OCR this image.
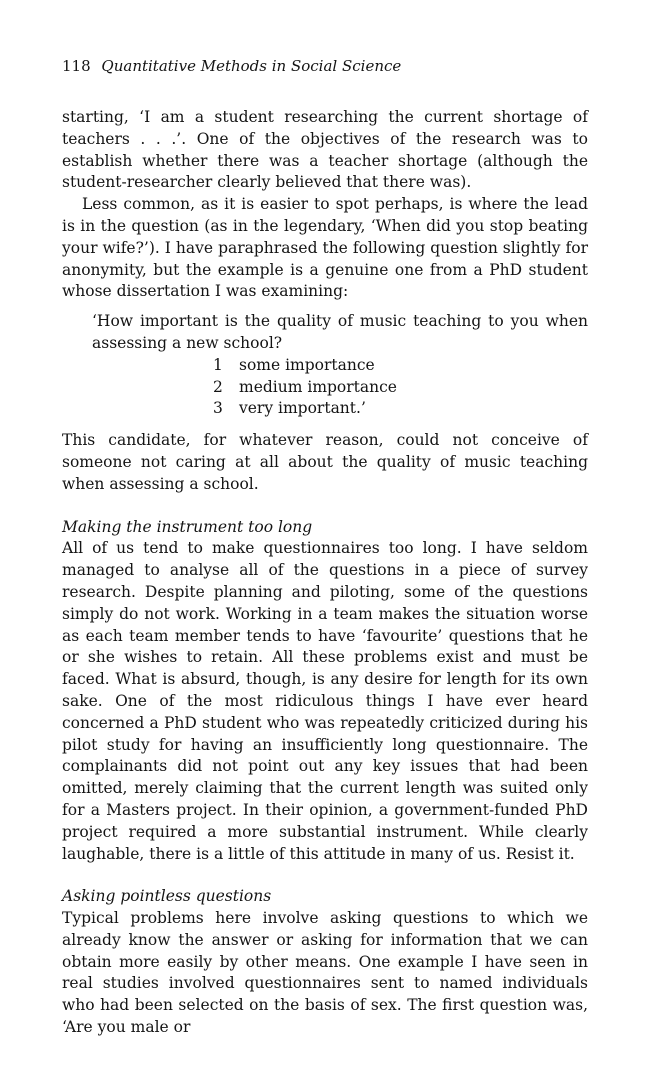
118 Quantitative Methods in Social Science

starting, ‘I am a student researching the current shortage of teachers . . .’. One of the objectives of the research was to establish whether there was a teacher shortage (although the student-researcher clearly believed that there was).

Less common, as it is easier to spot perhaps, is where the lead is in the question (as in the legendary, ‘When did you stop beating your wife?’). I have paraphrased the following question slightly for anonymity, but the example is a genuine one from a PhD student whose dissertation I was examining:

‘How important is the quality of music teaching to you when assessing a new school?

1	some importance
2	medium importance
3	very important.’

This candidate, for whatever reason, could not conceive of someone not caring at all about the quality of music teaching when assessing a school.

Making the instrument too long

All of us tend to make questionnaires too long. I have seldom managed to analyse all of the questions in a piece of survey research. Despite planning and piloting, some of the questions simply do not work. Working in a team makes the situation worse as each team member tends to have ‘favourite’ questions that he or she wishes to retain. All these problems exist and must be faced. What is absurd, though, is any desire for length for its own sake. One of the most ridiculous things I have ever heard concerned a PhD student who was repeatedly criticized during his pilot study for having an insufficiently long questionnaire. The complainants did not point out any key issues that had been omitted, merely claiming that the current length was suited only for a Masters project. In their opinion, a government-funded PhD project required a more substantial instrument. While clearly laughable, there is a little of this attitude in many of us. Resist it.

Asking pointless questions

Typical problems here involve asking questions to which we already know the answer or asking for information that we can obtain more easily by other means. One example I have seen in real studies involved questionnaires sent to named individuals who had been selected on the basis of sex. The first question was, ‘Are you male or
